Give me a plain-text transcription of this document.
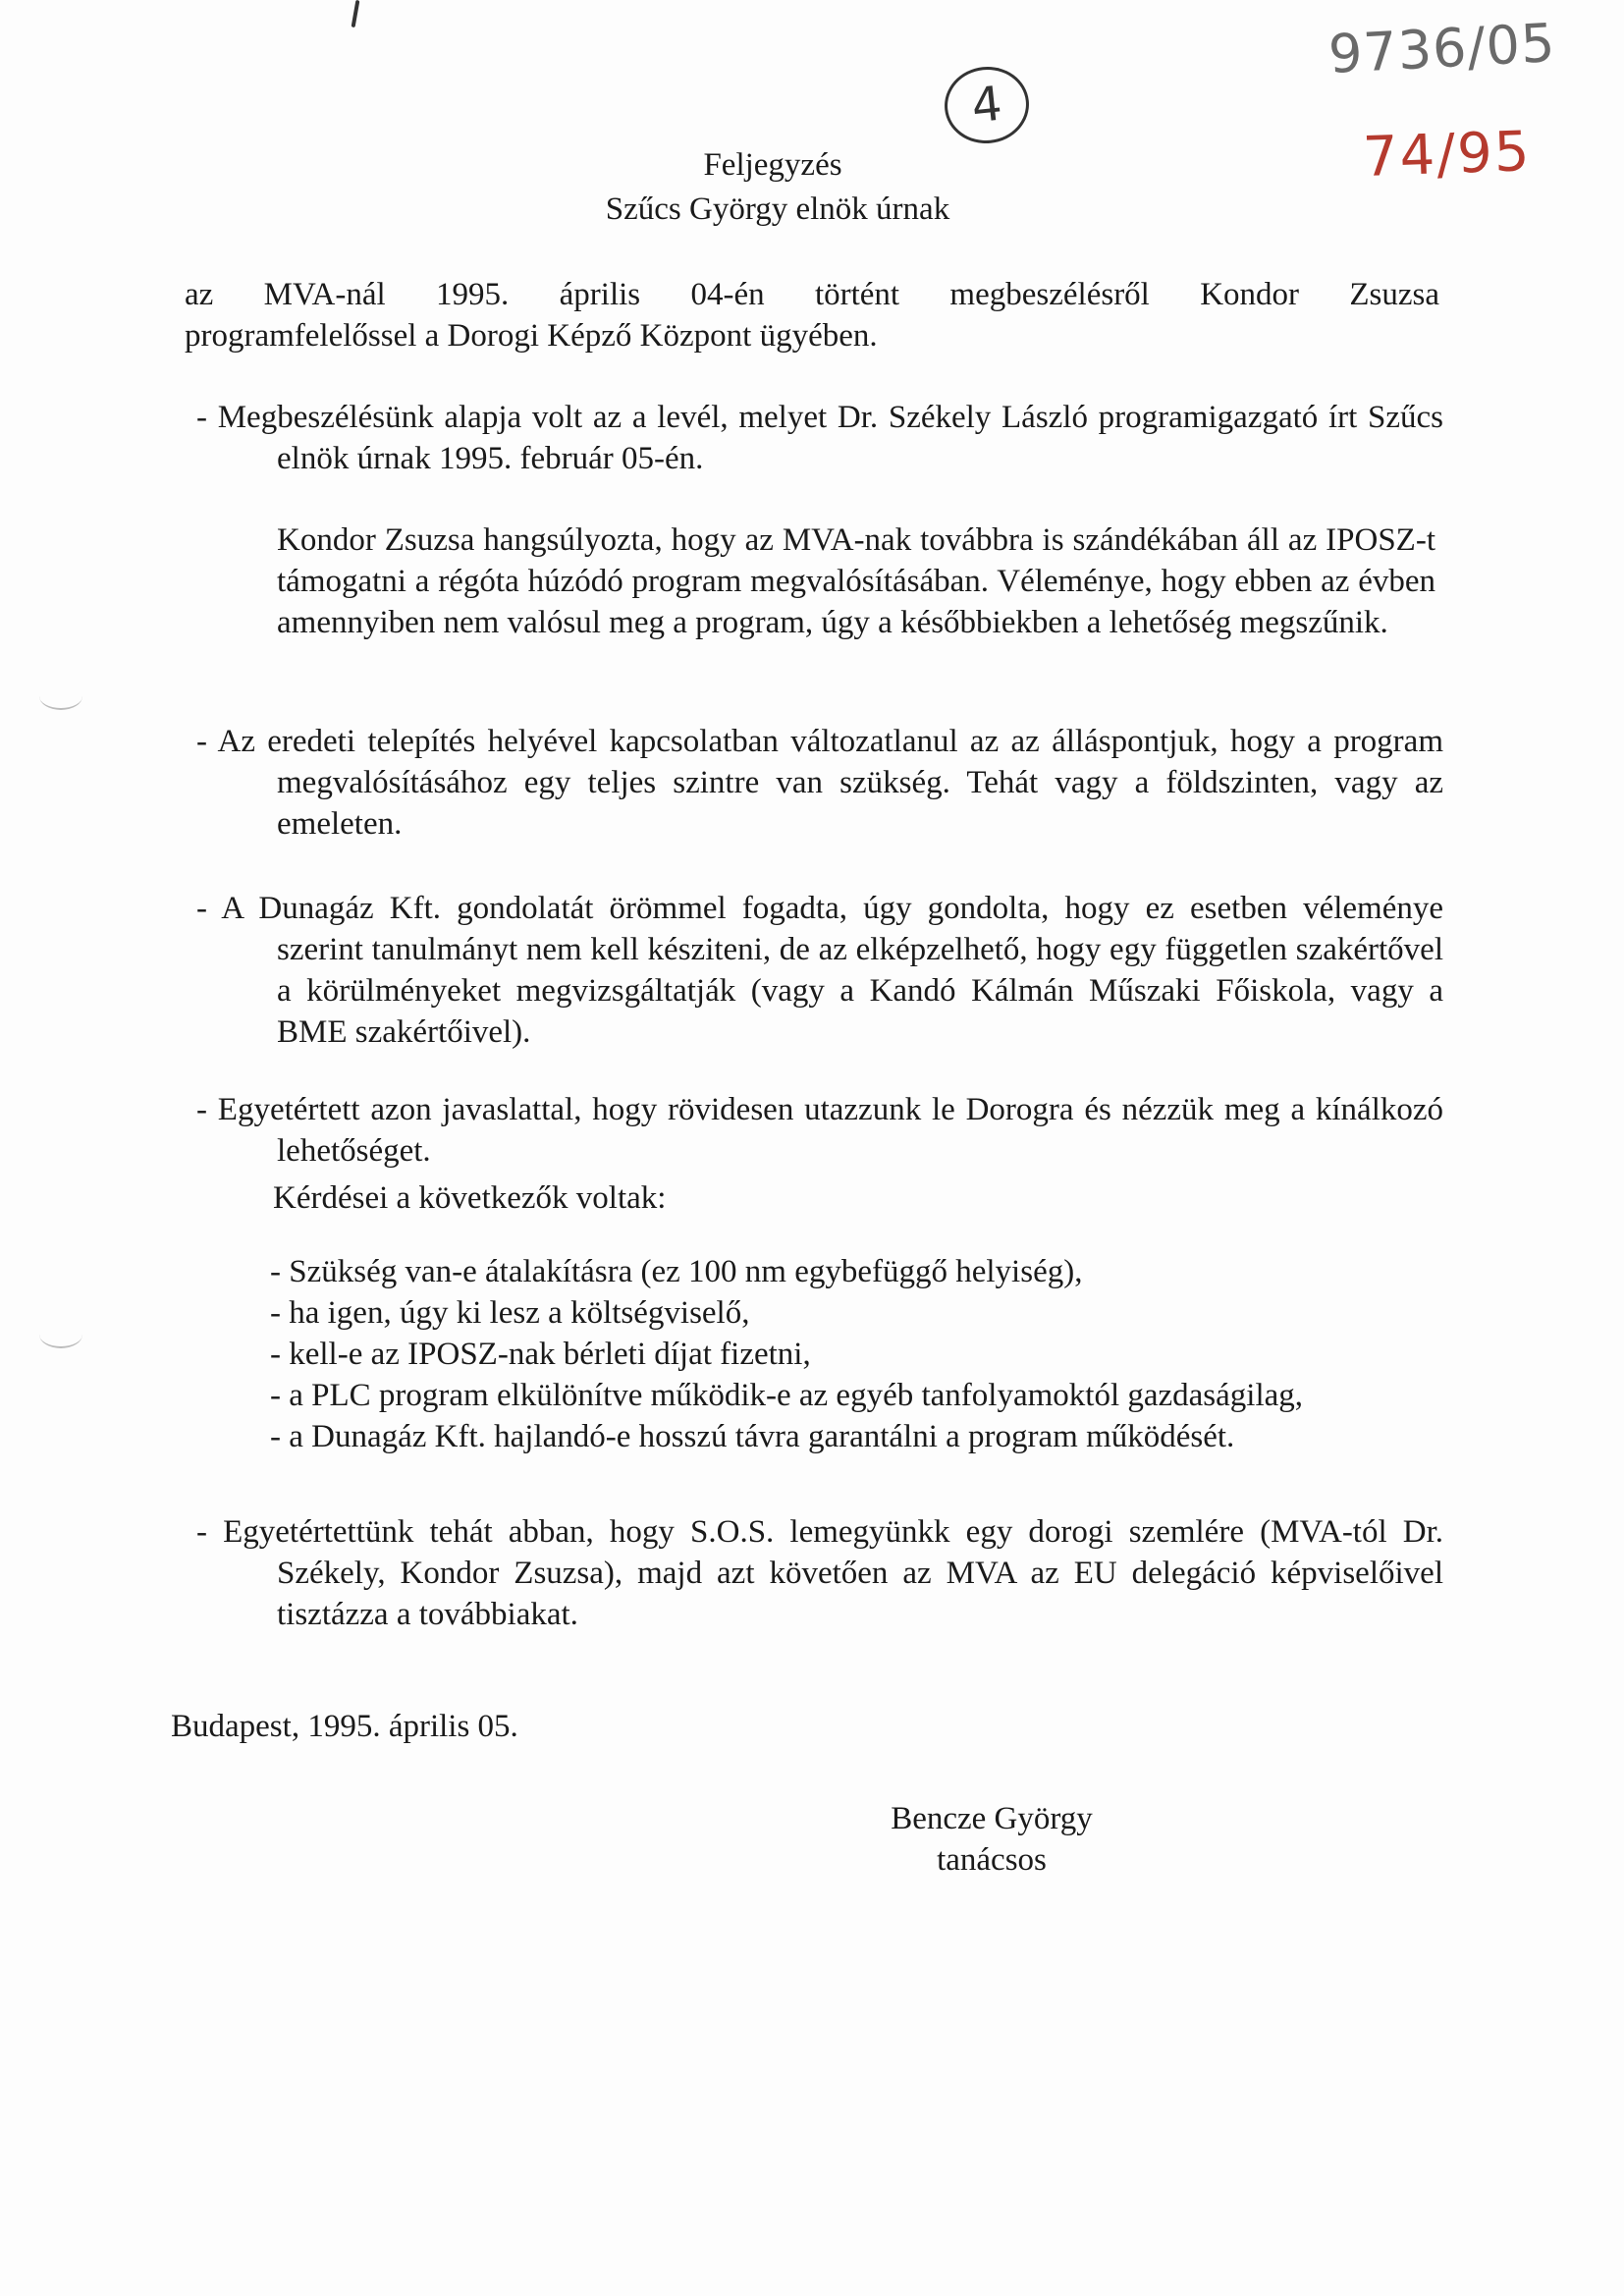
9736/05
74/95
4
Feljegyzés
Szűcs György elnök úrnak
az MVA-nál 1995. április 04-én történt megbeszélésről Kondor Zsuzsa
programfelelőssel a Dorogi Képző Központ ügyében.
- Megbeszélésünk alapja volt az a levél, melyet Dr. Székely László programigazgató írt Szűcs elnök úrnak 1995. február 05-én.
Kondor Zsuzsa hangsúlyozta, hogy az MVA-nak továbbra is szándékában áll az IPOSZ-t támogatni a régóta húzódó program megvalósításában. Véleménye, hogy ebben az évben amennyiben nem valósul meg a program, úgy a későbbiekben a lehetőség megszűnik.
- Az eredeti telepítés helyével kapcsolatban változatlanul az az álláspontjuk, hogy a program megvalósításához egy teljes szintre van szükség. Tehát vagy a földszinten, vagy az emeleten.
- A Dunagáz Kft. gondolatát örömmel fogadta, úgy gondolta, hogy ez esetben véleménye szerint tanulmányt nem kell késziteni, de az elképzelhető, hogy egy független szakértővel a körülményeket megvizsgáltatják (vagy a Kandó Kálmán Műszaki Főiskola, vagy a BME szakértőivel).
- Egyetértett azon javaslattal, hogy rövidesen utazzunk le Dorogra és nézzük meg a kínálkozó lehetőséget.
Kérdései a következők voltak:
- Szükség van-e átalakításra (ez 100 nm egybefüggő helyiség),
- ha igen, úgy ki lesz a költségviselő,
- kell-e az IPOSZ-nak bérleti díjat fizetni,
- a PLC program elkülönítve működik-e az egyéb tanfolyamoktól gazdaságilag,
- a Dunagáz Kft. hajlandó-e hosszú távra garantálni a program működését.
- Egyetértettünk tehát abban, hogy S.O.S. lemegyünkk egy dorogi szemlére (MVA-tól Dr. Székely, Kondor Zsuzsa), majd azt követően az MVA az EU delegáció képviselőivel tisztázza a továbbiakat.
Budapest, 1995. április 05.
Bencze György
tanácsos
